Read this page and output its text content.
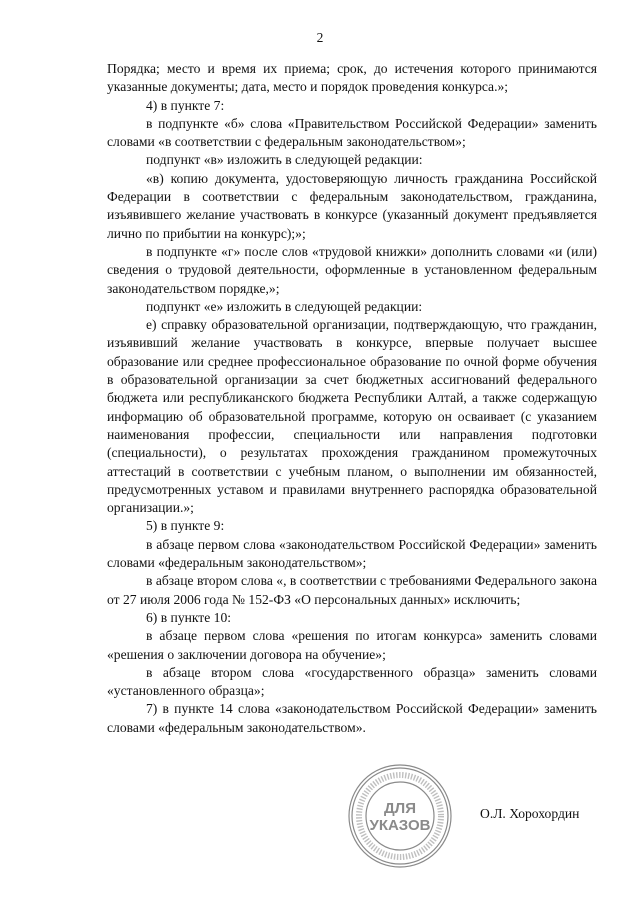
2

Порядка; место и время их приема; срок, до истечения которого принимаются указанные документы; дата, место и порядок проведения конкурса.»;

4) в пункте 7:

в подпункте «б» слова «Правительством Российской Федерации» заменить словами «в соответствии с федеральным законодательством»;

подпункт «в» изложить в следующей редакции:

«в) копию документа, удостоверяющую личность гражданина Российской Федерации в соответствии с федеральным законодательством, гражданина, изъявившего желание участвовать в конкурсе (указанный документ предъявляется лично по прибытии на конкурс);»;

в подпункте «г» после слов «трудовой книжки» дополнить словами «и (или) сведения о трудовой деятельности, оформленные в установленном федеральным законодательством порядке,»;

подпункт «е» изложить в следующей редакции:

е) справку образовательной организации, подтверждающую, что гражданин, изъявивший желание участвовать в конкурсе, впервые получает высшее образование или среднее профессиональное образование по очной форме обучения в образовательной организации за счет бюджетных ассигнований федерального бюджета или республиканского бюджета Республики Алтай, а также содержащую информацию об образовательной программе, которую он осваивает (с указанием наименования профессии, специальности или направления подготовки (специальности), о результатах прохождения гражданином промежуточных аттестаций в соответствии с учебным планом, о выполнении им обязанностей, предусмотренных уставом и правилами внутреннего распорядка образовательной организации.»;

5) в пункте 9:

в абзаце первом слова «законодательством Российской Федерации» заменить словами «федеральным законодательством»;

в абзаце втором слова «, в соответствии с требованиями Федерального закона от 27 июля 2006 года № 152-ФЗ «О персональных данных» исключить;

6) в пункте 10:

в абзаце первом слова «решения по итогам конкурса» заменить словами «решения о заключении договора на обучение»;

в абзаце втором слова «государственного образца» заменить словами «установленного образца»;

7) в пункте 14 слова «законодательством Российской Федерации» заменить словами «федеральным законодательством».

ДЛЯ
УКАЗОВ
О.Л. Хорохордин
